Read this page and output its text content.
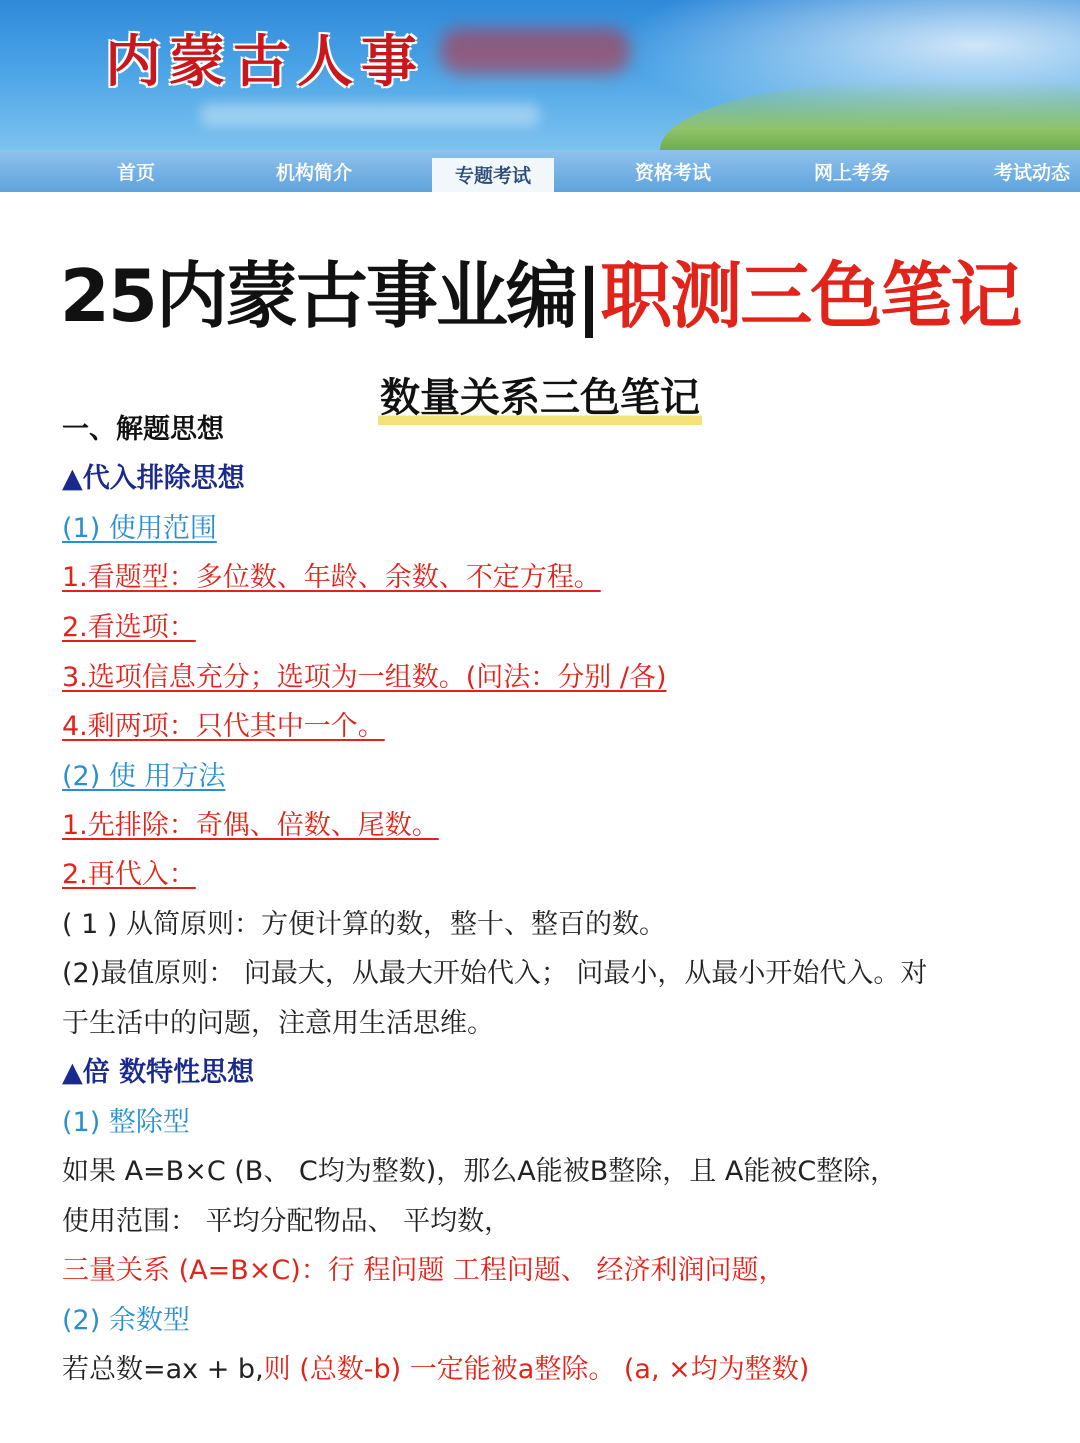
内蒙古人事
首页	机构简介	专题考试	资格考试	网上考务	考试动态
25内蒙古事业编|职测三色笔记
数量关系三色笔记
一、解题思想
▲代入排除思想
(1) 使用范围
1.看题型：多位数、年龄、余数、不定方程。
2.看选项：
3.选项信息充分；选项为一组数。(问法：分别 /各)
4.剩两项：只代其中一个。
(2) 使 用方法
1.先排除：奇偶、倍数、尾数。
2.再代入：
( 1 ) 从简原则：方便计算的数，整十、整百的数。
(2)最值原则： 问最大，从最大开始代入； 问最小，从最小开始代入。对
于生活中的问题，注意用生活思维。
▲倍 数特性思想
(1) 整除型
如果 A=B×C (B、 C均为整数)，那么A能被B整除，且 A能被C整除，
使用范围： 平均分配物品、 平均数，
三量关系 (A=B×C)：行 程问题 工程问题、 经济利润问题，
(2) 余数型
若总数=ax + b,则 (总数-b) 一定能被a整除。 (a, ×均为整数)
